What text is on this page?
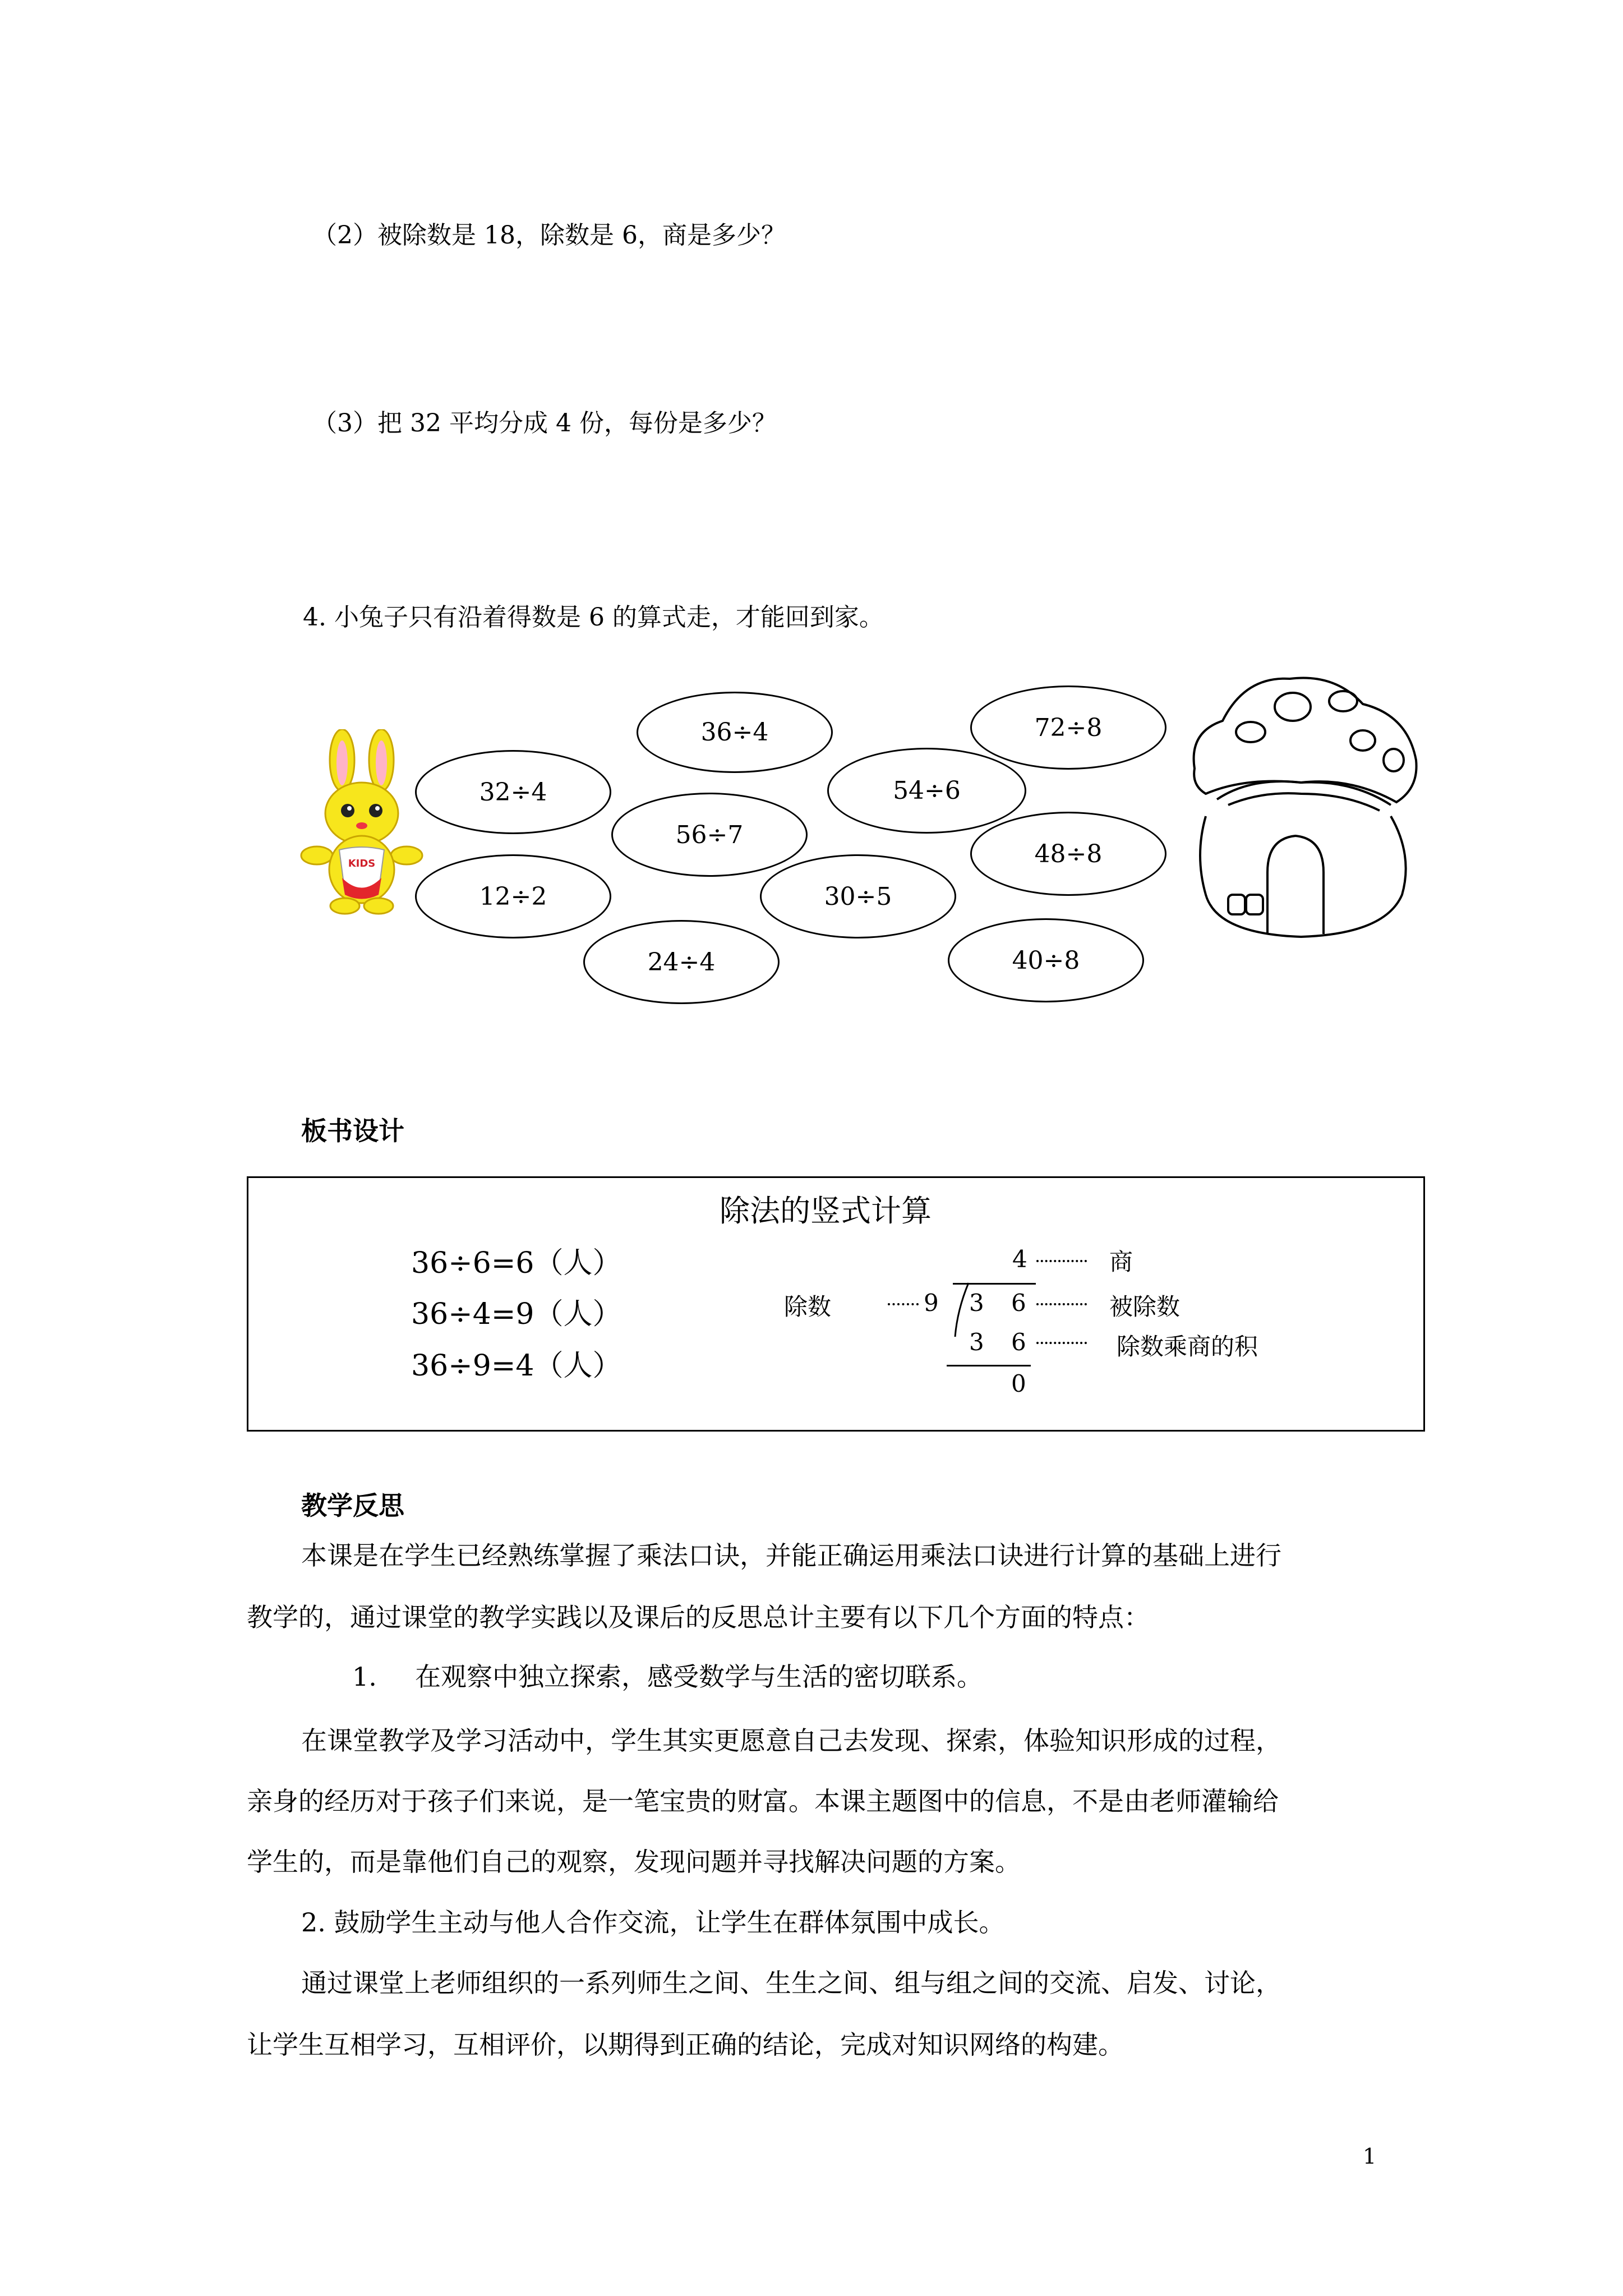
（2）被除数是 18，除数是 6，商是多少？
（3）把 32 平均分成 4 份，每份是多少？
4. 小兔子只有沿着得数是 6 的算式走，才能回到家。
36÷4	72÷8
32÷4	54÷6
56÷7
48÷8
12÷2	30÷5
24÷4	40÷8
KIDS
板书设计
除法的竖式计算
36÷6=6（人）
36÷4=9（人）
36÷9=4（人）
4
9 3 6
3 6
0
除数
商
被除数
除数乘商的积
教学反思
本课是在学生已经熟练掌握了乘法口诀，并能正确运用乘法口诀进行计算的基础上进行
教学的，通过课堂的教学实践以及课后的反思总计主要有以下几个方面的特点：
1. 在观察中独立探索，感受数学与生活的密切联系。
在课堂教学及学习活动中，学生其实更愿意自己去发现、探索，体验知识形成的过程，
亲身的经历对于孩子们来说，是一笔宝贵的财富。本课主题图中的信息，不是由老师灌输给
学生的，而是靠他们自己的观察，发现问题并寻找解决问题的方案。
2. 鼓励学生主动与他人合作交流，让学生在群体氛围中成长。
通过课堂上老师组织的一系列师生之间、生生之间、组与组之间的交流、启发、讨论，
让学生互相学习，互相评价，以期得到正确的结论，完成对知识网络的构建。
1
